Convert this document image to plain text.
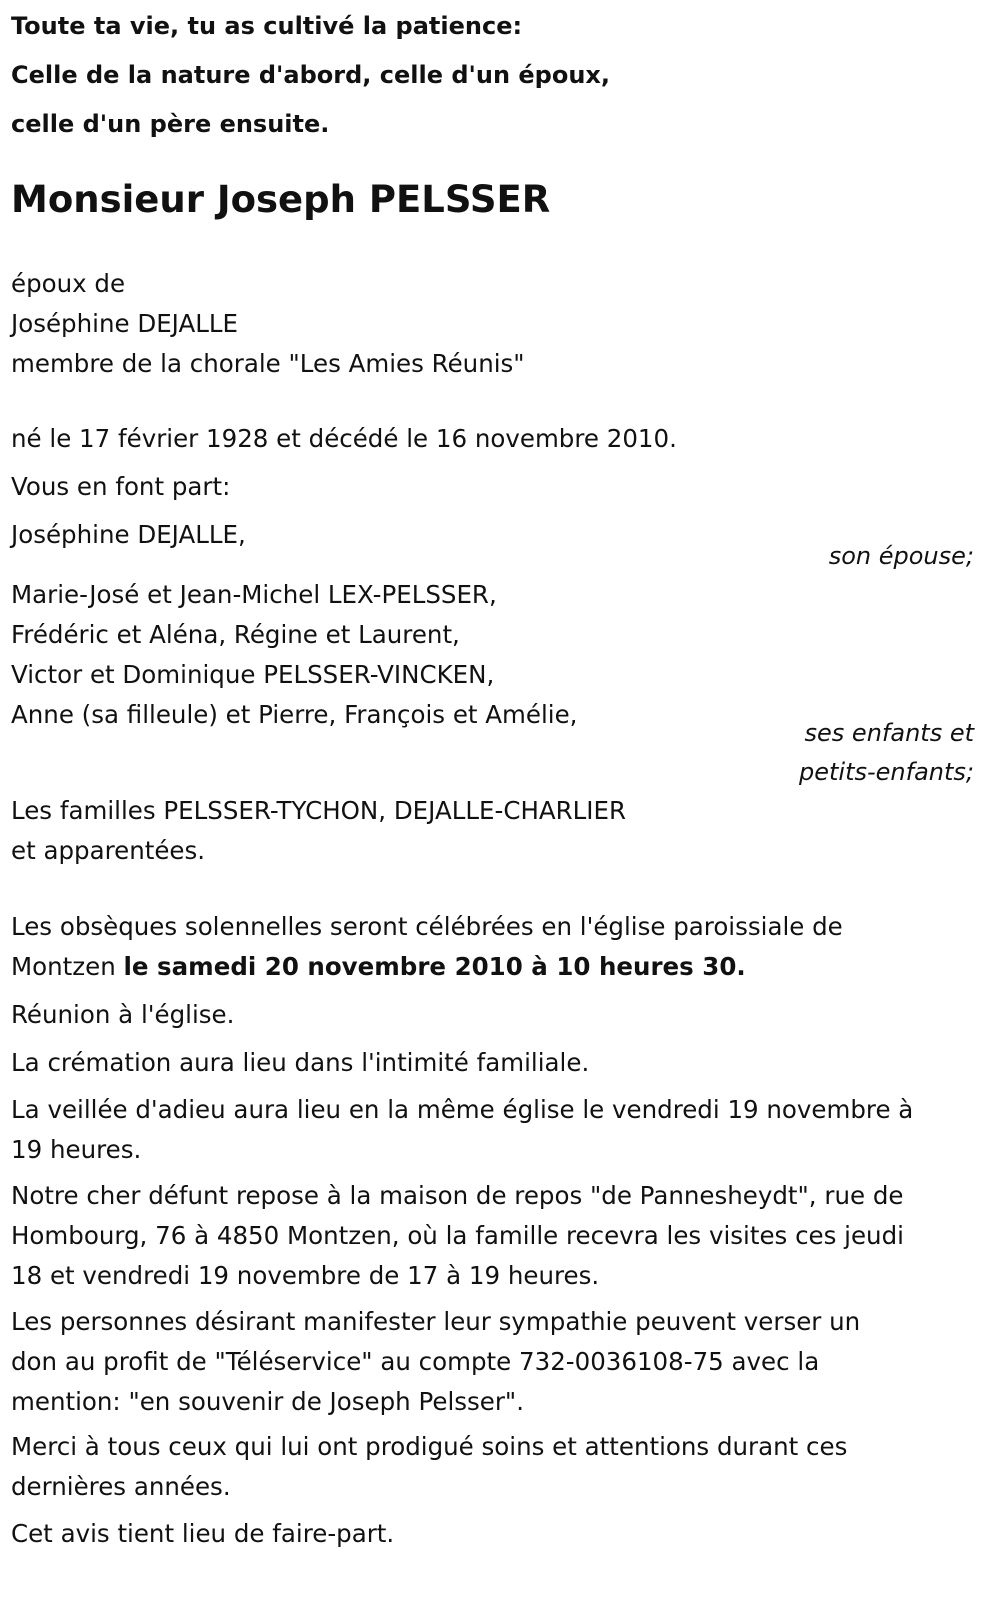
Toute ta vie, tu as cultivé la patience:
Celle de la nature d'abord, celle d'un époux,
celle d'un père ensuite.
Monsieur Joseph PELSSER
époux de
Joséphine DEJALLE
membre de la chorale "Les Amies Réunis"
né le 17 février 1928 et décédé le 16 novembre 2010.
Vous en font part:
Joséphine DEJALLE,
son épouse;
Marie-José et Jean-Michel LEX-PELSSER,
Frédéric et Aléna, Régine et Laurent,
Victor et Dominique PELSSER-VINCKEN,
Anne (sa filleule) et Pierre, François et Amélie,
ses enfants et
petits-enfants;
Les familles PELSSER-TYCHON, DEJALLE-CHARLIER
et apparentées.
Les obsèques solennelles seront célébrées en l'église paroissiale de
Montzen le samedi 20 novembre 2010 à 10 heures 30.
Réunion à l'église.
La crémation aura lieu dans l'intimité familiale.
La veillée d'adieu aura lieu en la même église le vendredi 19 novembre à
19 heures.
Notre cher défunt repose à la maison de repos "de Pannesheydt", rue de
Hombourg, 76 à 4850 Montzen, où la famille recevra les visites ces jeudi
18 et vendredi 19 novembre de 17 à 19 heures.
Les personnes désirant manifester leur sympathie peuvent verser un
don au profit de "Téléservice" au compte 732-0036108-75 avec la
mention: "en souvenir de Joseph Pelsser".
Merci à tous ceux qui lui ont prodigué soins et attentions durant ces
dernières années.
Cet avis tient lieu de faire-part.
